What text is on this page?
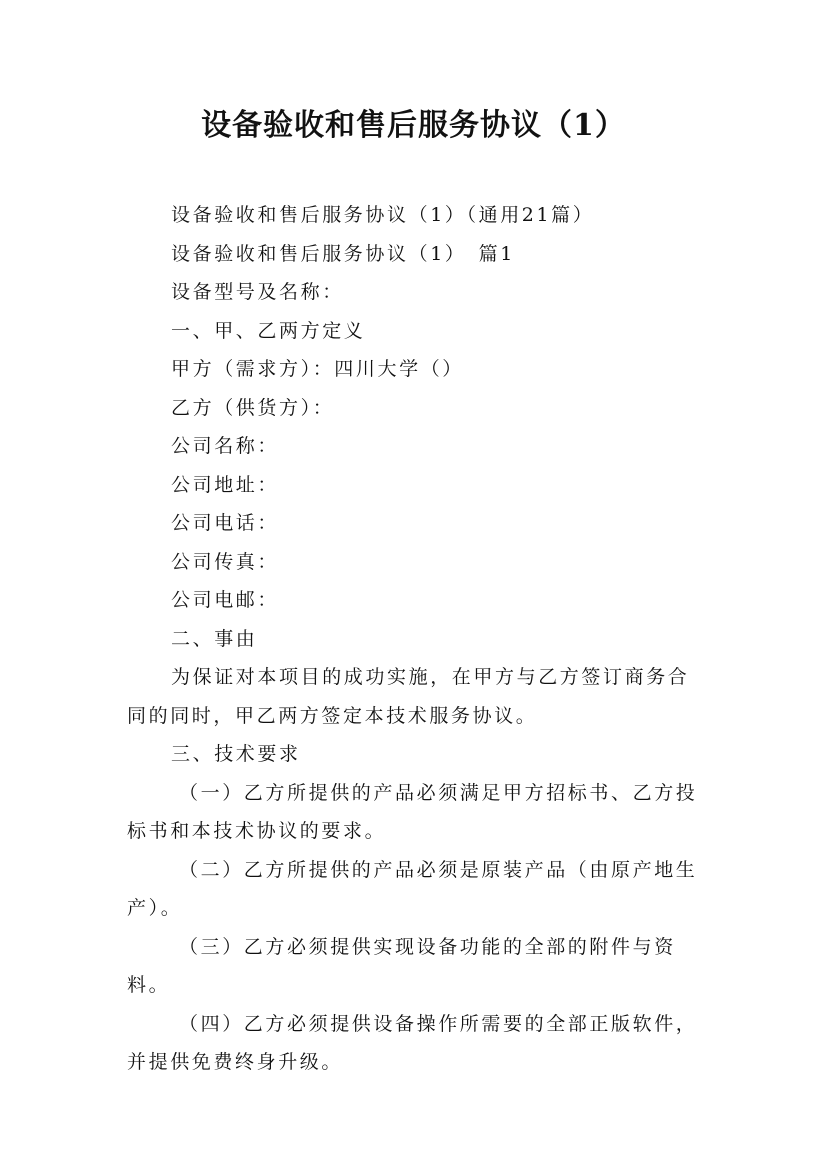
设备验收和售后服务协议（1）

设备验收和售后服务协议（1）（通用21篇）

设备验收和售后服务协议（1）　篇1

设备型号及名称：

一、甲、乙两方定义

甲方（需求方）：四川大学（）

乙方（供货方）：

公司名称：

公司地址：

公司电话：

公司传真：

公司电邮：

二、事由

为保证对本项目的成功实施，在甲方与乙方签订商务合同的同时，甲乙两方签定本技术服务协议。

三、技术要求

（一）乙方所提供的产品必须满足甲方招标书、乙方投标书和本技术协议的要求。

（二）乙方所提供的产品必须是原装产品（由原产地生产）。

（三）乙方必须提供实现设备功能的全部的附件与资料。

（四）乙方必须提供设备操作所需要的全部正版软件，并提供免费终身升级。
